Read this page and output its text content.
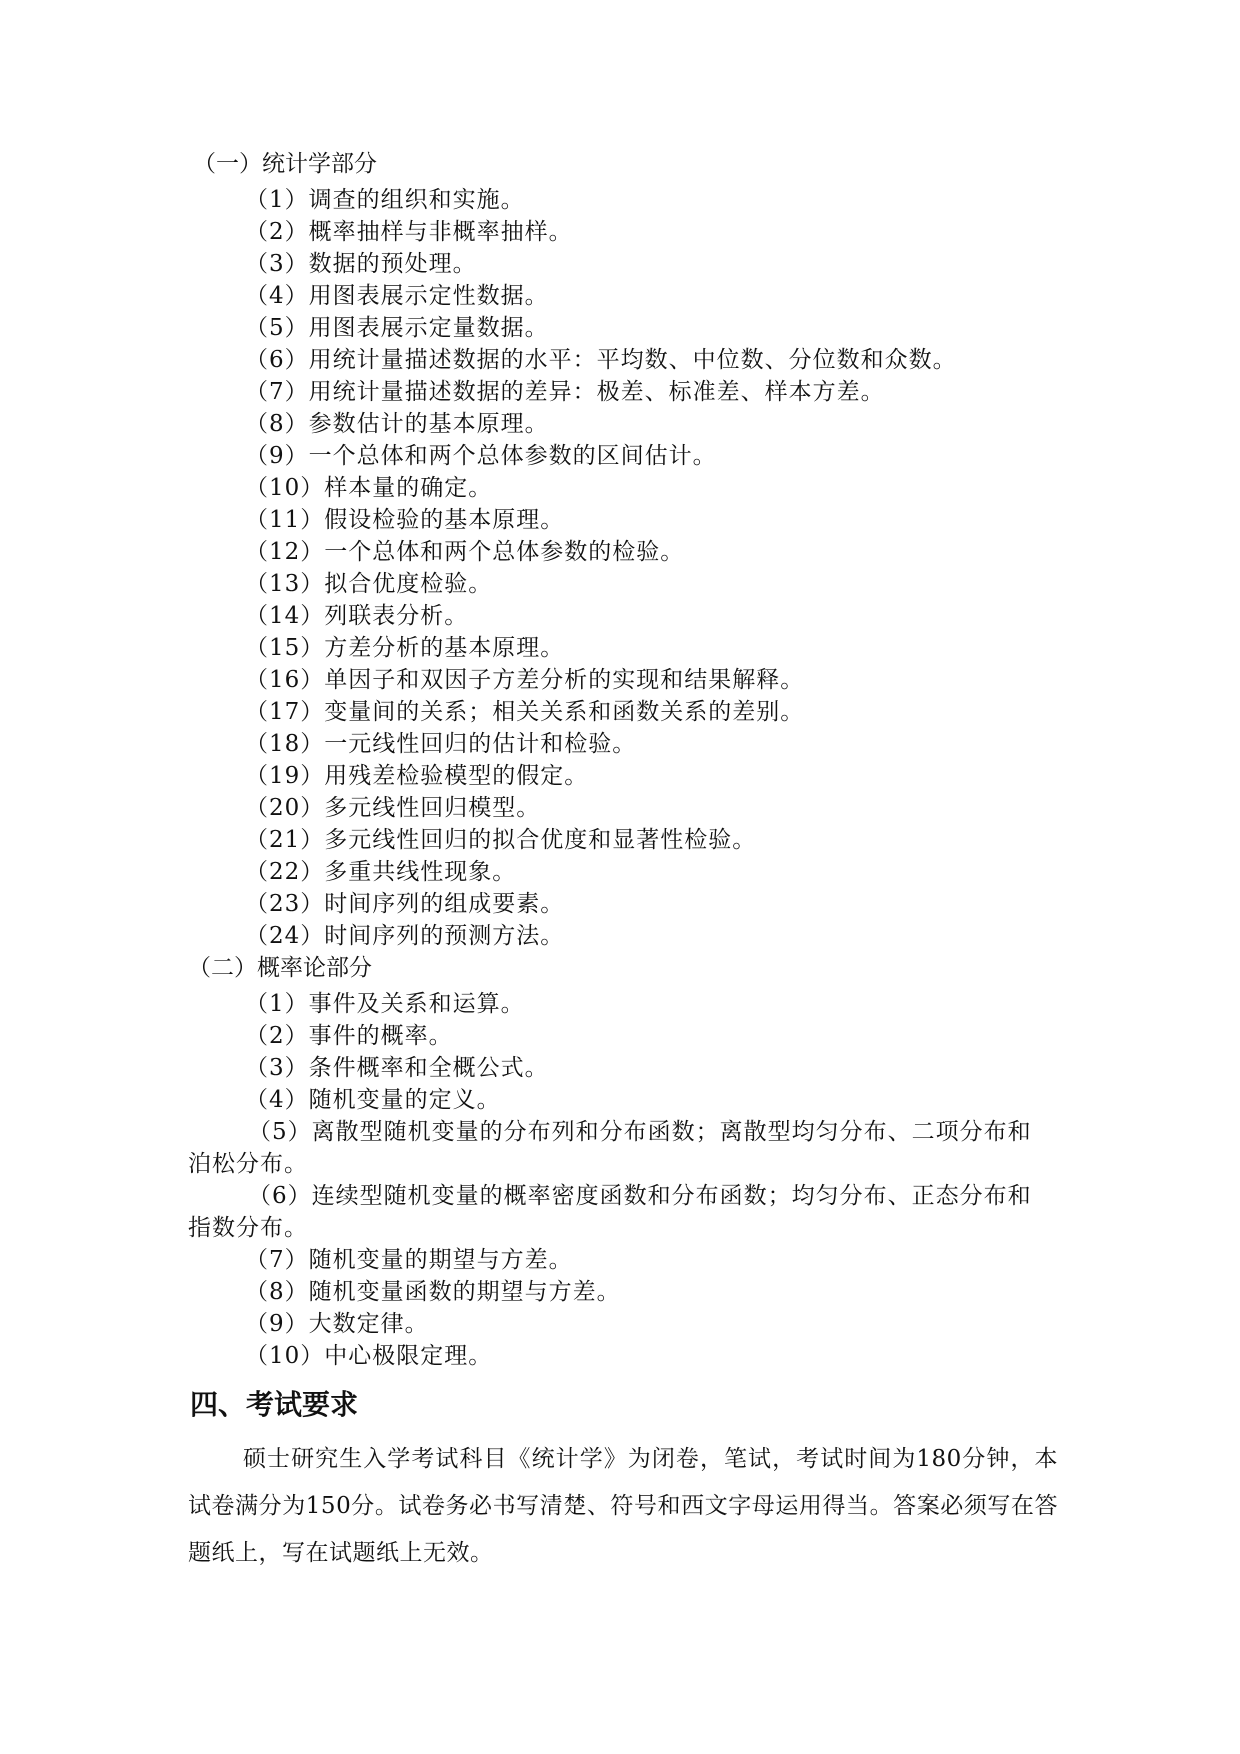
（一）统计学部分
（1）调查的组织和实施。
（2）概率抽样与非概率抽样。
（3）数据的预处理。
（4）用图表展示定性数据。
（5）用图表展示定量数据。
（6）用统计量描述数据的水平：平均数、中位数、分位数和众数。
（7）用统计量描述数据的差异：极差、标准差、样本方差。
（8）参数估计的基本原理。
（9）一个总体和两个总体参数的区间估计。
（10）样本量的确定。
（11）假设检验的基本原理。
（12）一个总体和两个总体参数的检验。
（13）拟合优度检验。
（14）列联表分析。
（15）方差分析的基本原理。
（16）单因子和双因子方差分析的实现和结果解释。
（17）变量间的关系；相关关系和函数关系的差别。
（18）一元线性回归的估计和检验。
（19）用残差检验模型的假定。
（20）多元线性回归模型。
（21）多元线性回归的拟合优度和显著性检验。
（22）多重共线性现象。
（23）时间序列的组成要素。
（24）时间序列的预测方法。
（二）概率论部分
（1）事件及关系和运算。
（2）事件的概率。
（3）条件概率和全概公式。
（4）随机变量的定义。
（5）离散型随机变量的分布列和分布函数；离散型均匀分布、二项分布和泊松分布。
（6）连续型随机变量的概率密度函数和分布函数；均匀分布、正态分布和指数分布。
（7）随机变量的期望与方差。
（8）随机变量函数的期望与方差。
（9）大数定律。
（10）中心极限定理。
四、考试要求
硕士研究生入学考试科目《统计学》为闭卷，笔试，考试时间为180分钟，本试卷满分为150分。试卷务必书写清楚、符号和西文字母运用得当。答案必须写在答题纸上，写在试题纸上无效。
